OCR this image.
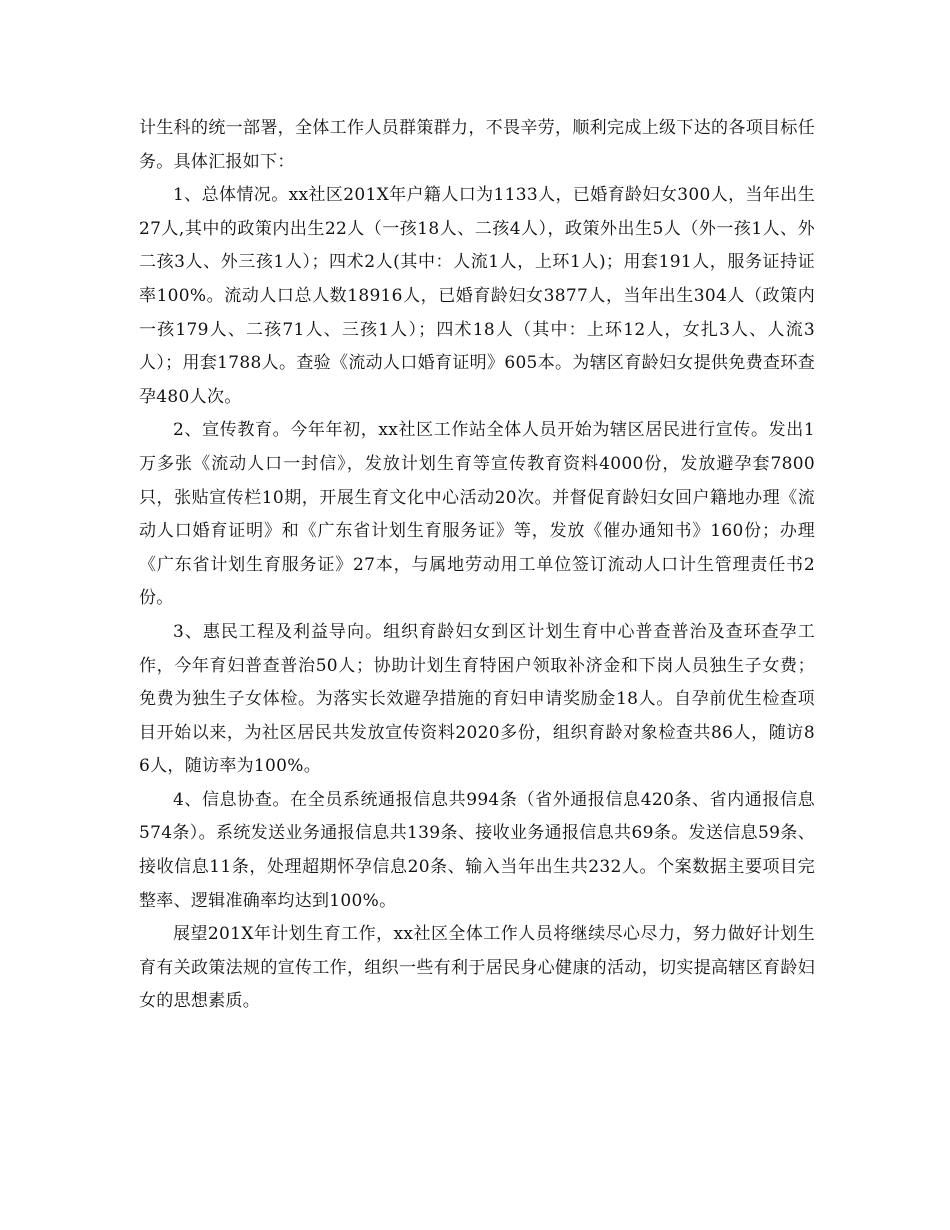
计生科的统一部署，全体工作人员群策群力，不畏辛劳，顺利完成上级下达的各项目标任务。具体汇报如下：

1、总体情况。xx社区201X年户籍人口为1133人，已婚育龄妇女300人，当年出生27人,其中的政策内出生22人（一孩18人、二孩4人），政策外出生5人（外一孩1人、外二孩3人、外三孩1人）；四术2人(其中：人流1人，上环1人)；用套191人，服务证持证率100%。流动人口总人数18916人，已婚育龄妇女3877人，当年出生304人（政策内一孩179人、二孩71人、三孩1人）；四术18人（其中：上环12人，女扎3人、人流3人）；用套1788人。查验《流动人口婚育证明》605本。为辖区育龄妇女提供免费查环查孕480人次。

2、宣传教育。今年年初，xx社区工作站全体人员开始为辖区居民进行宣传。发出1万多张《流动人口一封信》，发放计划生育等宣传教育资料4000份，发放避孕套7800只，张贴宣传栏10期，开展生育文化中心活动20次。并督促育龄妇女回户籍地办理《流动人口婚育证明》和《广东省计划生育服务证》等，发放《催办通知书》160份；办理《广东省计划生育服务证》27本，与属地劳动用工单位签订流动人口计生管理责任书2份。

3、惠民工程及利益导向。组织育龄妇女到区计划生育中心普查普治及查环查孕工作，今年育妇普查普治50人；协助计划生育特困户领取补济金和下岗人员独生子女费；免费为独生子女体检。为落实长效避孕措施的育妇申请奖励金18人。自孕前优生检查项目开始以来，为社区居民共发放宣传资料2020多份，组织育龄对象检查共86人，随访86人，随访率为100%。

4、信息协查。在全员系统通报信息共994条（省外通报信息420条、省内通报信息574条）。系统发送业务通报信息共139条、接收业务通报信息共69条。发送信息59条、接收信息11条，处理超期怀孕信息20条、输入当年出生共232人。个案数据主要项目完整率、逻辑准确率均达到100%。

展望201X年计划生育工作，xx社区全体工作人员将继续尽心尽力，努力做好计划生育有关政策法规的宣传工作，组织一些有利于居民身心健康的活动，切实提高辖区育龄妇女的思想素质。
